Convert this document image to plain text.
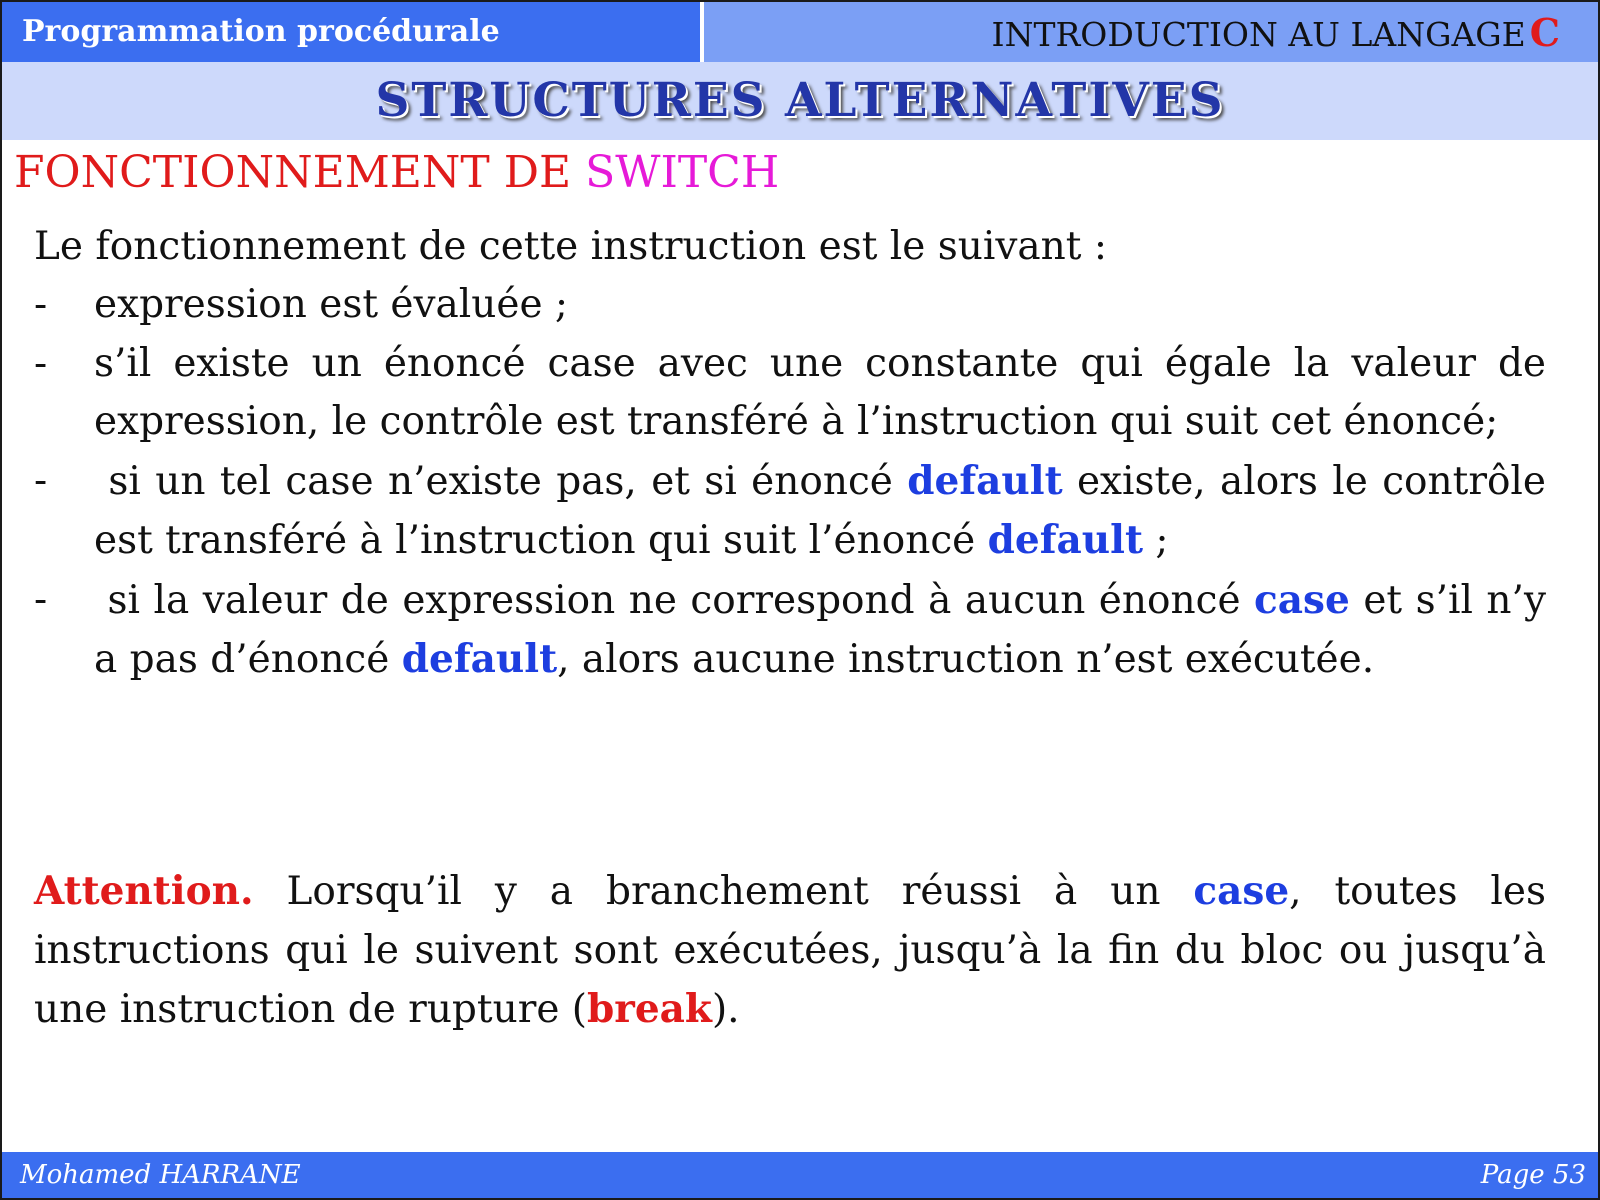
Programmation procédurale	INTRODUCTION AU LANGAGE C
STRUCTURES ALTERNATIVES
FONCTIONNEMENT DE SWITCH
Le fonctionnement de cette instruction est le suivant :
- expression est évaluée ;
- s’il existe un énoncé case avec une constante qui égale la valeur de expression, le contrôle est transféré à l’instruction qui suit cet énoncé;
- si un tel case n’existe pas, et si énoncé default existe, alors le contrôle est transféré à l’instruction qui suit l’énoncé default ;
- si la valeur de expression ne correspond à aucun énoncé case et s’il n’y a pas d’énoncé default, alors aucune instruction n’est exécutée.
Attention. Lorsqu’il y a branchement réussi à un case, toutes les instructions qui le suivent sont exécutées, jusqu’à la fin du bloc ou jusqu’à une instruction de rupture (break).
Mohamed HARRANE	Page 53
